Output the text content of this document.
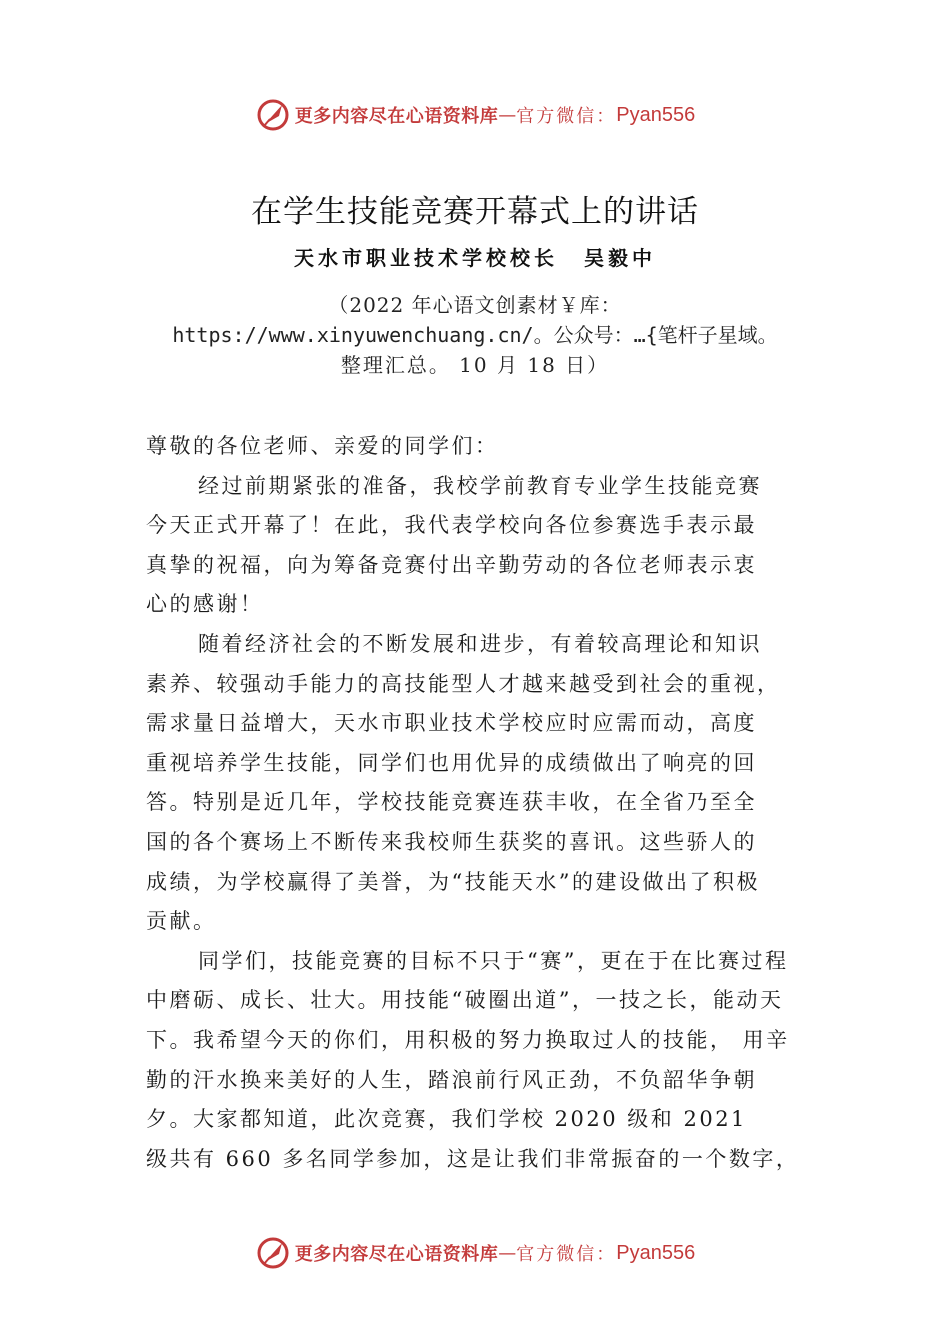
更多内容尽在心语资料库 — 官方微信： Pyan556
在学生技能竞赛开幕式上的讲话
天水市职业技术学校校长 吴毅中
（2022 年心语文创素材￥库：
https://www.xinyuwenchuang.cn/。公众号：…{笔杆子星域。
整理汇总。 10 月 18 日）

尊敬的各位老师、亲爱的同学们：

经过前期紧张的准备，我校学前教育专业学生技能竞赛
今天正式开幕了！在此，我代表学校向各位参赛选手表示最
真挚的祝福，向为筹备竞赛付出辛勤劳动的各位老师表示衷
心的感谢！

随着经济社会的不断发展和进步，有着较高理论和知识
素养、较强动手能力的高技能型人才越来越受到社会的重视，
需求量日益增大，天水市职业技术学校应时应需而动，高度
重视培养学生技能，同学们也用优异的成绩做出了响亮的回
答。特别是近几年，学校技能竞赛连获丰收，在全省乃至全
国的各个赛场上不断传来我校师生获奖的喜讯。这些骄人的
成绩，为学校赢得了美誉，为“技能天水”的建设做出了积极
贡献。

同学们，技能竞赛的目标不只于“赛”，更在于在比赛过程
中磨砺、成长、壮大。用技能“破圈出道”，一技之长，能动天
下。我希望今天的你们，用积极的努力换取过人的技能， 用辛
勤的汗水换来美好的人生，踏浪前行风正劲，不负韶华争朝
夕。大家都知道，此次竞赛，我们学校 2020 级和 2021
级共有 660 多名同学参加，这是让我们非常振奋的一个数字，

更多内容尽在心语资料库 — 官方微信： Pyan556
